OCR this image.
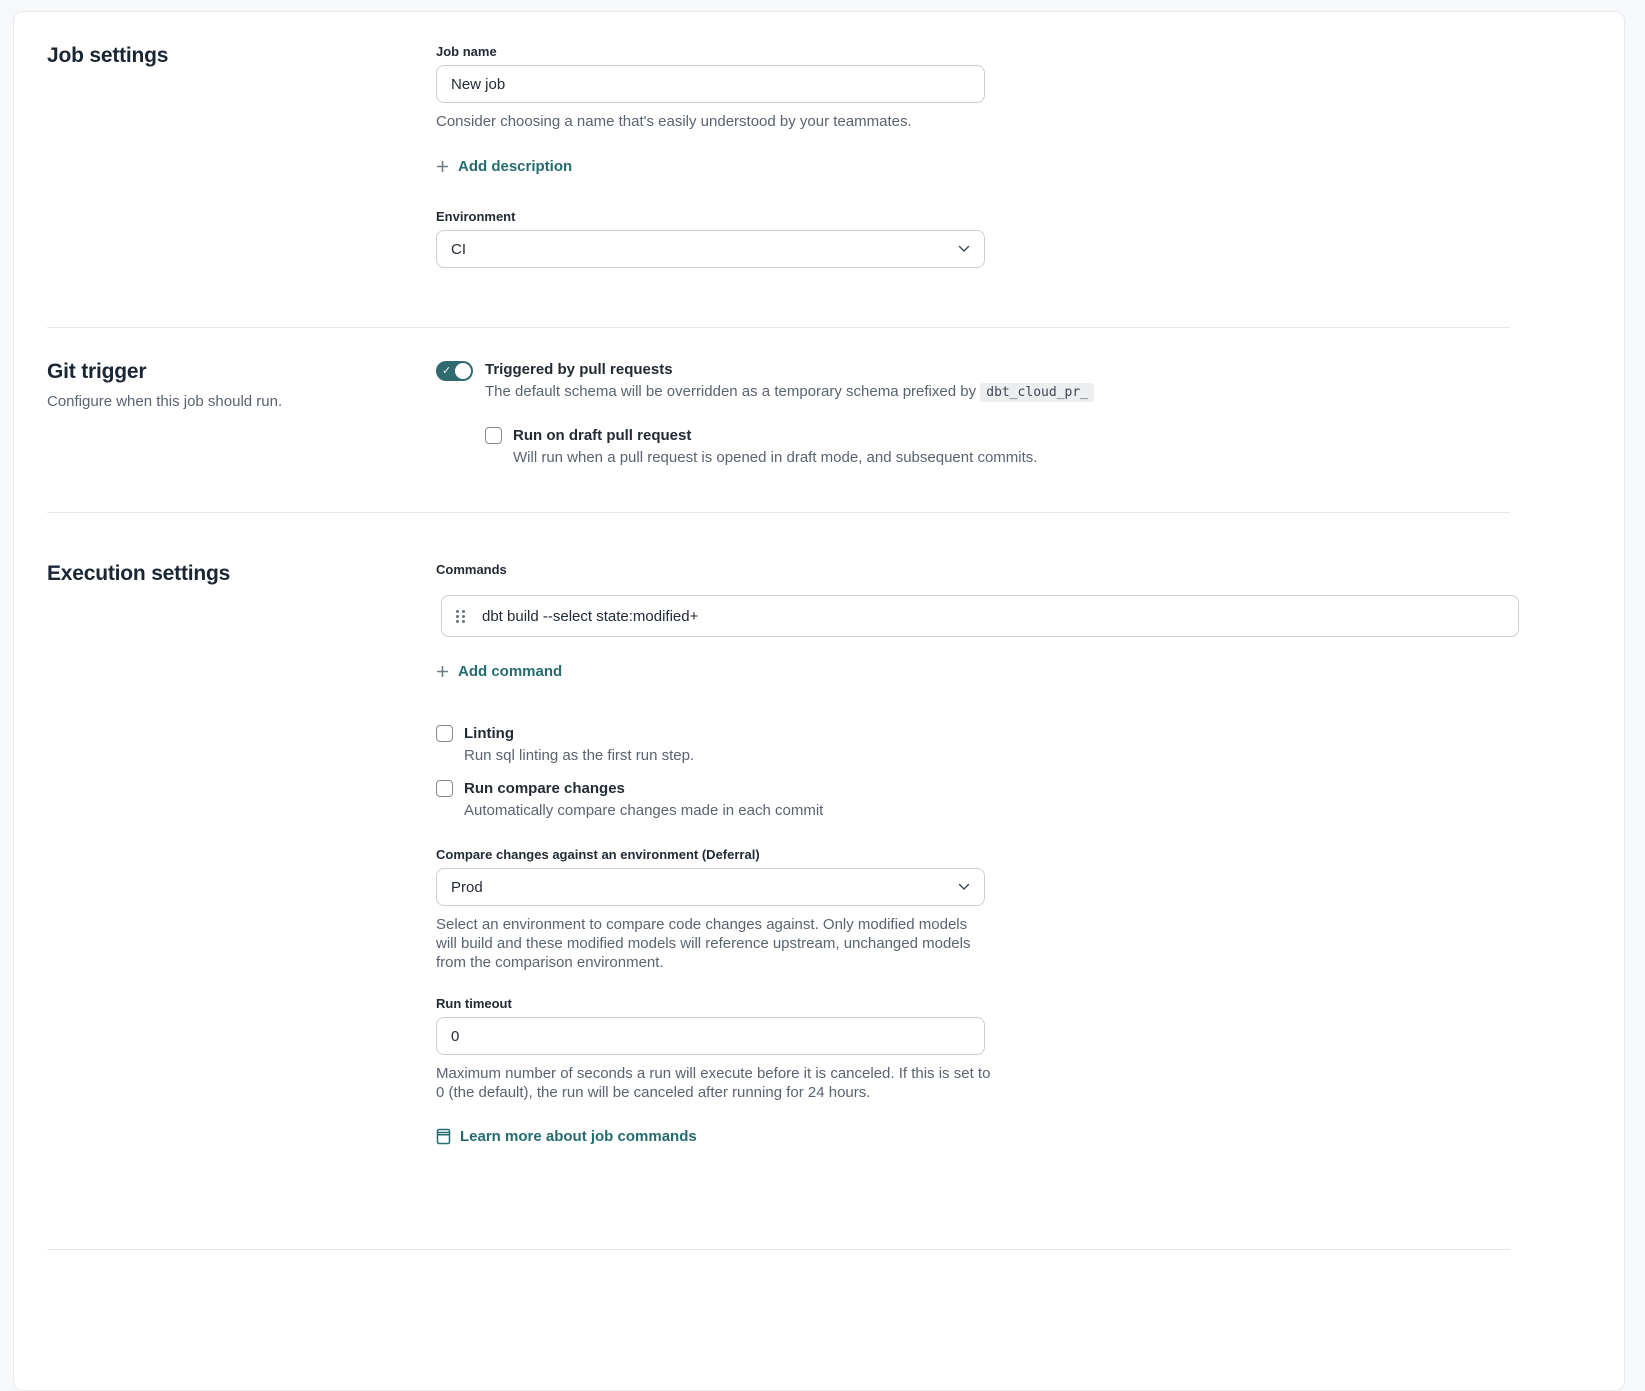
Job settings	Job name
New job
Consider choosing a name that's easily understood by your teammates.
Add description
Environment
CI
Git trigger
Configure when this job should run.
✓ Triggered by pull requests
The default schema will be overridden as a temporary schema prefixed by dbt_cloud_pr_
Run on draft pull request
Will run when a pull request is opened in draft mode, and subsequent commits.
Execution settings	Commands
dbt build --select state:modified+
Add command
Linting
Run sql linting as the first run step.
Run compare changes
Automatically compare changes made in each commit
Compare changes against an environment (Deferral)
Prod
Select an environment to compare code changes against. Only modified models will build and these modified models will reference upstream, unchanged models from the comparison environment.
Run timeout
0
Maximum number of seconds a run will execute before it is canceled. If this is set to 0 (the default), the run will be canceled after running for 24 hours.
Learn more about job commands
